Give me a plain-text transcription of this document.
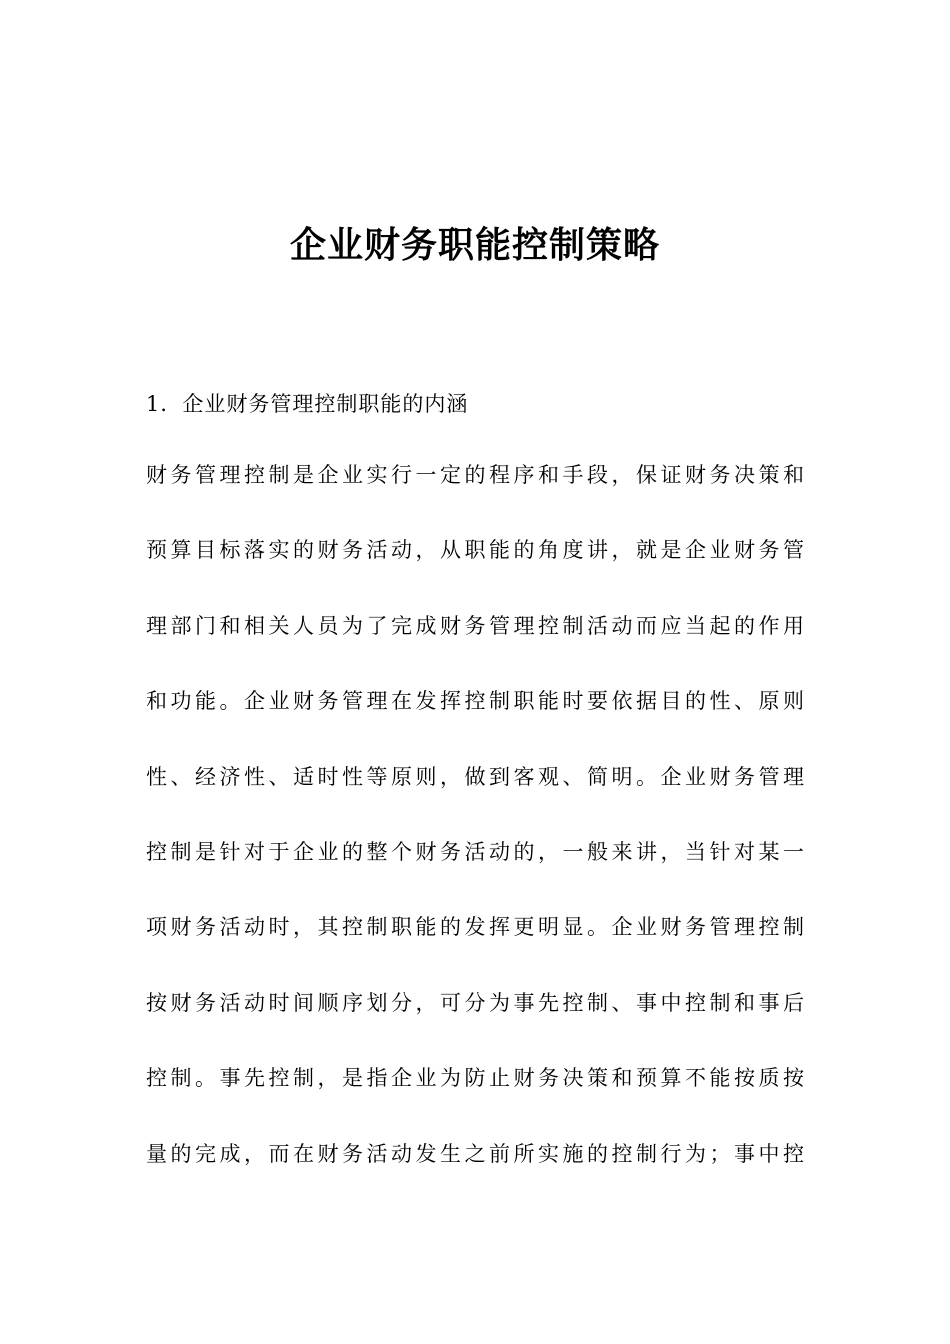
企业财务职能控制策略

1．企业财务管理控制职能的内涵

财务管理控制是企业实行一定的程序和手段，保证财务决策和
预算目标落实的财务活动，从职能的角度讲，就是企业财务管
理部门和相关人员为了完成财务管理控制活动而应当起的作用
和功能。企业财务管理在发挥控制职能时要依据目的性、原则
性、经济性、适时性等原则，做到客观、简明。企业财务管理
控制是针对于企业的整个财务活动的，一般来讲，当针对某一
项财务活动时，其控制职能的发挥更明显。企业财务管理控制
按财务活动时间顺序划分，可分为事先控制、事中控制和事后
控制。事先控制，是指企业为防止财务决策和预算不能按质按
量的完成，而在财务活动发生之前所实施的控制行为；事中控
